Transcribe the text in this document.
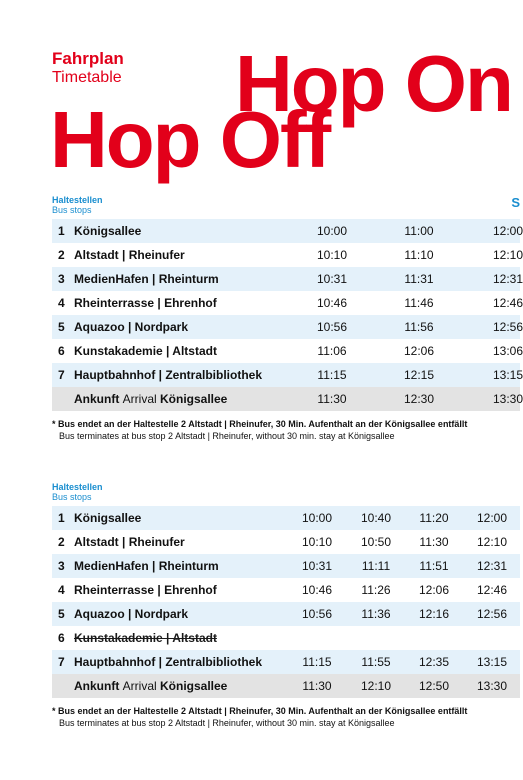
Fahrplan
Timetable Hop On
Hop Off
Haltestellen
Bus stops	S
1 Königsallee	10:00	11:00	12:00
2 Altstadt | Rheinufer	10:10	11:10	12:10
3 MedienHafen | Rheinturm	10:31	11:31	12:31
4 Rheinterrasse | Ehrenhof	10:46	11:46	12:46
5 Aquazoo | Nordpark	10:56	11:56	12:56
6 Kunstakademie | Altstadt	11:06	12:06	13:06
7 Hauptbahnhof | Zentralbibliothek	11:15	12:15	13:15
Ankunft Arrival Königsallee	11:30	12:30	13:30
* Bus endet an der Haltestelle 2 Altstadt | Rheinufer, 30 Min. Aufenthalt an der Königsallee entfällt
Bus terminates at bus stop 2 Altstadt | Rheinufer, without 30 min. stay at Königsallee
Haltestellen
Bus stops
1 Königsallee	10:00 10:40 11:20 12:00
2 Altstadt | Rheinufer	10:10 10:50 11:30 12:10
3 MedienHafen | Rheinturm	10:31 11:11 11:51 12:31
4 Rheinterrasse | Ehrenhof	10:46 11:26 12:06 12:46
5 Aquazoo | Nordpark	10:56 11:36 12:16 12:56
6 Kunstakademie | Altstadt
7 Hauptbahnhof | Zentralbibliothek	11:15 11:55 12:35 13:15
Ankunft Arrival Königsallee	11:30 12:10 12:50 13:30
* Bus endet an der Haltestelle 2 Altstadt | Rheinufer, 30 Min. Aufenthalt an der Königsallee entfällt
Bus terminates at bus stop 2 Altstadt | Rheinufer, without 30 min. stay at Königsallee
